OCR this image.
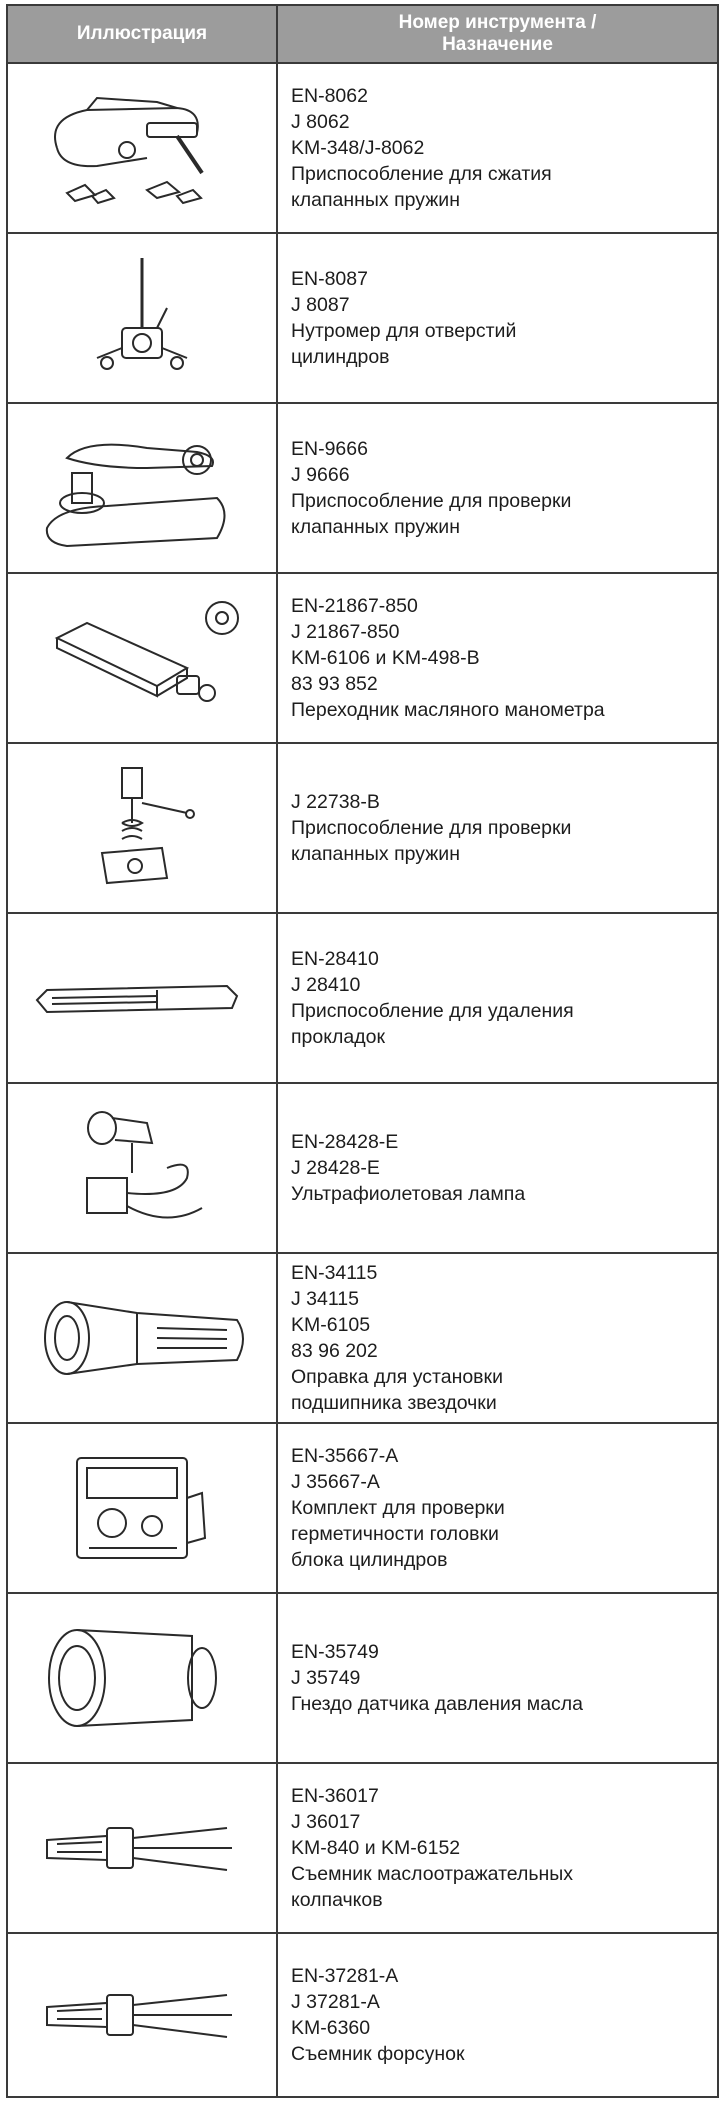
Иллюстрация
Номер инструмента /
Назначение
EN-8062
J 8062
KM-348/J-8062
Приспособление для сжатия
клапанных пружин
EN-8087
J 8087
Нутромер для отверстий
цилиндров
EN-9666
J 9666
Приспособление для проверки
клапанных пружин
EN-21867-850
J 21867-850
KM-6106 и KM-498-B
83 93 852
Переходник масляного манометра
J 22738-B
Приспособление для проверки
клапанных пружин
EN-28410
J 28410
Приспособление для удаления
прокладок
EN-28428-E
J 28428-E
Ультрафиолетовая лампа
EN-34115
J 34115
KM-6105
83 96 202
Оправка для установки
подшипника звездочки
EN-35667-A
J 35667-A
Комплект для проверки
герметичности головки
блока цилиндров
EN-35749
J 35749
Гнездо датчика давления масла
EN-36017
J 36017
KM-840 и KM-6152
Съемник маслоотражательных
колпачков
EN-37281-A
J 37281-A
KM-6360
Съемник форсунок
